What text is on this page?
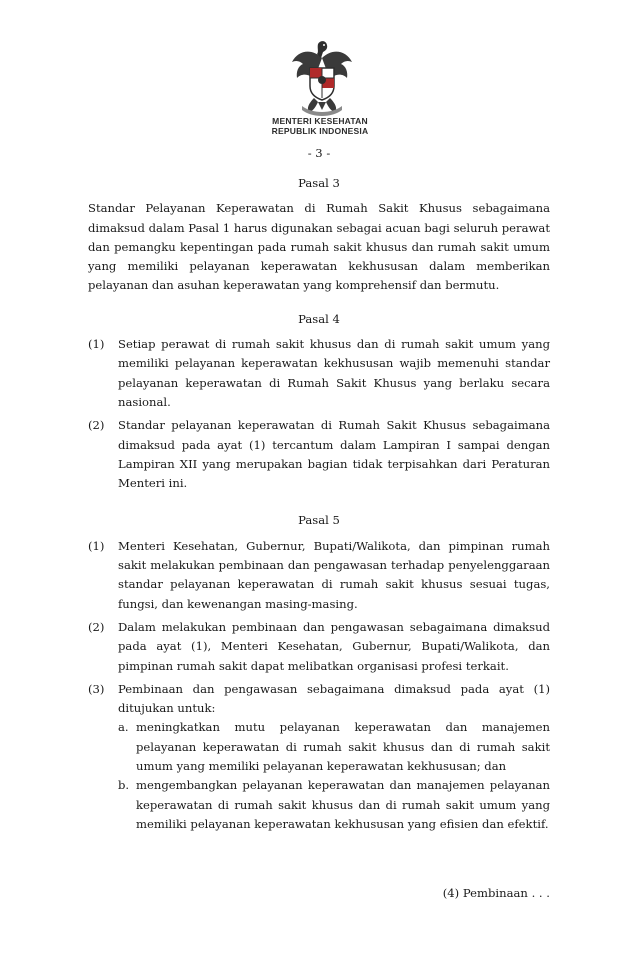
MENTERI KESEHATAN
REPUBLIK INDONESIA
- 3 -
Pasal 3

Standar Pelayanan Keperawatan di Rumah Sakit Khusus sebagaimana dimaksud dalam Pasal 1 harus digunakan sebagai acuan bagi seluruh perawat dan pemangku kepentingan pada rumah sakit khusus dan rumah sakit umum yang memiliki pelayanan keperawatan kekhususan dalam memberikan pelayanan dan asuhan keperawatan yang komprehensif dan bermutu.

Pasal 4
(1)	Setiap perawat di rumah sakit khusus dan di rumah sakit umum yang memiliki pelayanan keperawatan kekhususan wajib memenuhi standar pelayanan keperawatan di Rumah Sakit Khusus yang berlaku secara nasional.
(2)	Standar pelayanan keperawatan di Rumah Sakit Khusus sebagaimana dimaksud pada ayat (1) tercantum dalam Lampiran I sampai dengan Lampiran XII yang merupakan bagian tidak terpisahkan dari Peraturan Menteri ini.
Pasal 5
(1)	Menteri Kesehatan, Gubernur, Bupati/Walikota, dan pimpinan rumah sakit melakukan pembinaan dan pengawasan terhadap penyelenggaraan standar pelayanan keperawatan di rumah sakit khusus sesuai tugas, fungsi, dan kewenangan masing-masing.
(2)	Dalam melakukan pembinaan dan pengawasan sebagaimana dimaksud pada ayat (1), Menteri Kesehatan, Gubernur, Bupati/Walikota, dan pimpinan rumah sakit dapat melibatkan organisasi profesi terkait.
(3)	Pembinaan dan pengawasan sebagaimana dimaksud pada ayat (1) ditujukan untuk:
a. meningkatkan mutu pelayanan keperawatan dan manajemen pelayanan keperawatan di rumah sakit khusus dan di rumah sakit umum yang memiliki pelayanan keperawatan kekhususan; dan
b. mengembangkan pelayanan keperawatan dan manajemen pelayanan keperawatan di rumah sakit khusus dan di rumah sakit umum yang memiliki pelayanan keperawatan kekhususan yang efisien dan efektif.
(4) Pembinaan . . .
